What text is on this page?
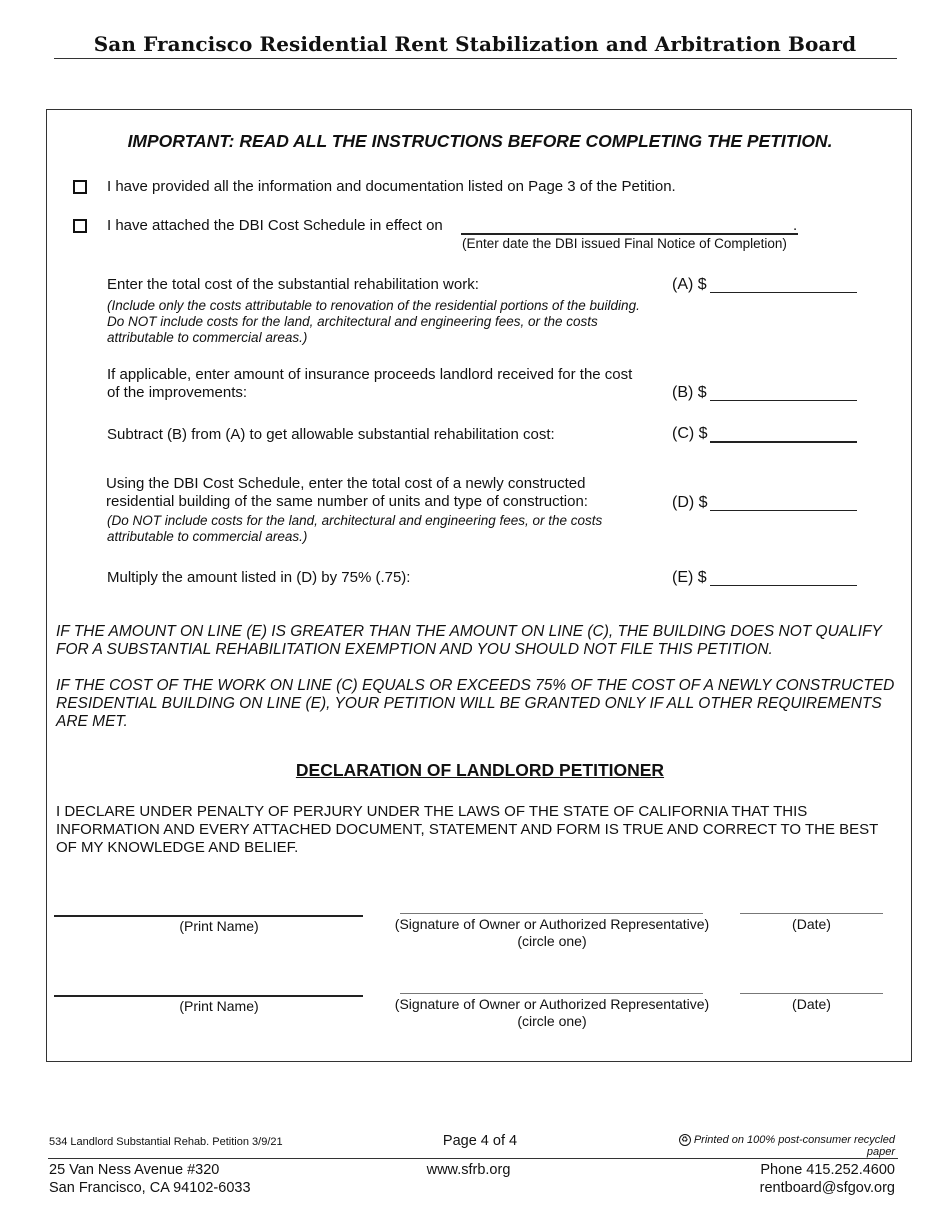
San Francisco Residential Rent Stabilization and Arbitration Board
IMPORTANT: READ ALL THE INSTRUCTIONS BEFORE COMPLETING THE PETITION.
I have provided all the information and documentation listed on Page 3 of the Petition.
I have attached the DBI Cost Schedule in effect on	.
(Enter date the DBI issued Final Notice of Completion)
Enter the total cost of the substantial rehabilitation work:
(Include only the costs attributable to renovation of the residential portions of the building. Do NOT include costs for the land, architectural and engineering fees, or the costs attributable to commercial areas.)
(A) $
If applicable, enter amount of insurance proceeds landlord received for the cost of the improvements:	(B) $
Subtract (B) from (A) to get allowable substantial rehabilitation cost:	(C) $
Using the DBI Cost Schedule, enter the total cost of a newly constructed residential building of the same number of units and type of construction:
(Do NOT include costs for the land, architectural and engineering fees, or the costs attributable to commercial areas.)
(D) $
Multiply the amount listed in (D) by 75% (.75):	(E) $
IF THE AMOUNT ON LINE (E) IS GREATER THAN THE AMOUNT ON LINE (C), THE BUILDING DOES NOT QUALIFY FOR A SUBSTANTIAL REHABILITATION EXEMPTION AND YOU SHOULD NOT FILE THIS PETITION.
IF THE COST OF THE WORK ON LINE (C) EQUALS OR EXCEEDS 75% OF THE COST OF A NEWLY CONSTRUCTED RESIDENTIAL BUILDING ON LINE (E), YOUR PETITION WILL BE GRANTED ONLY IF ALL OTHER REQUIREMENTS ARE MET.
DECLARATION OF LANDLORD PETITIONER
I DECLARE UNDER PENALTY OF PERJURY UNDER THE LAWS OF THE STATE OF CALIFORNIA THAT THIS INFORMATION AND EVERY ATTACHED DOCUMENT, STATEMENT AND FORM IS TRUE AND CORRECT TO THE BEST OF MY KNOWLEDGE AND BELIEF.
(Print Name)	(Signature of Owner or Authorized Representative)
(circle one)
(Date)
(Print Name)	(Signature of Owner or Authorized Representative)
(circle one)
(Date)
534 Landlord Substantial Rehab. Petition 3/9/21	Page 4 of 4	♻ Printed on 100% post-consumer recycled paper
25 Van Ness Avenue #320
San Francisco, CA 94102-6033
www.sfrb.org	Phone 415.252.4600
rentboard@sfgov.org
